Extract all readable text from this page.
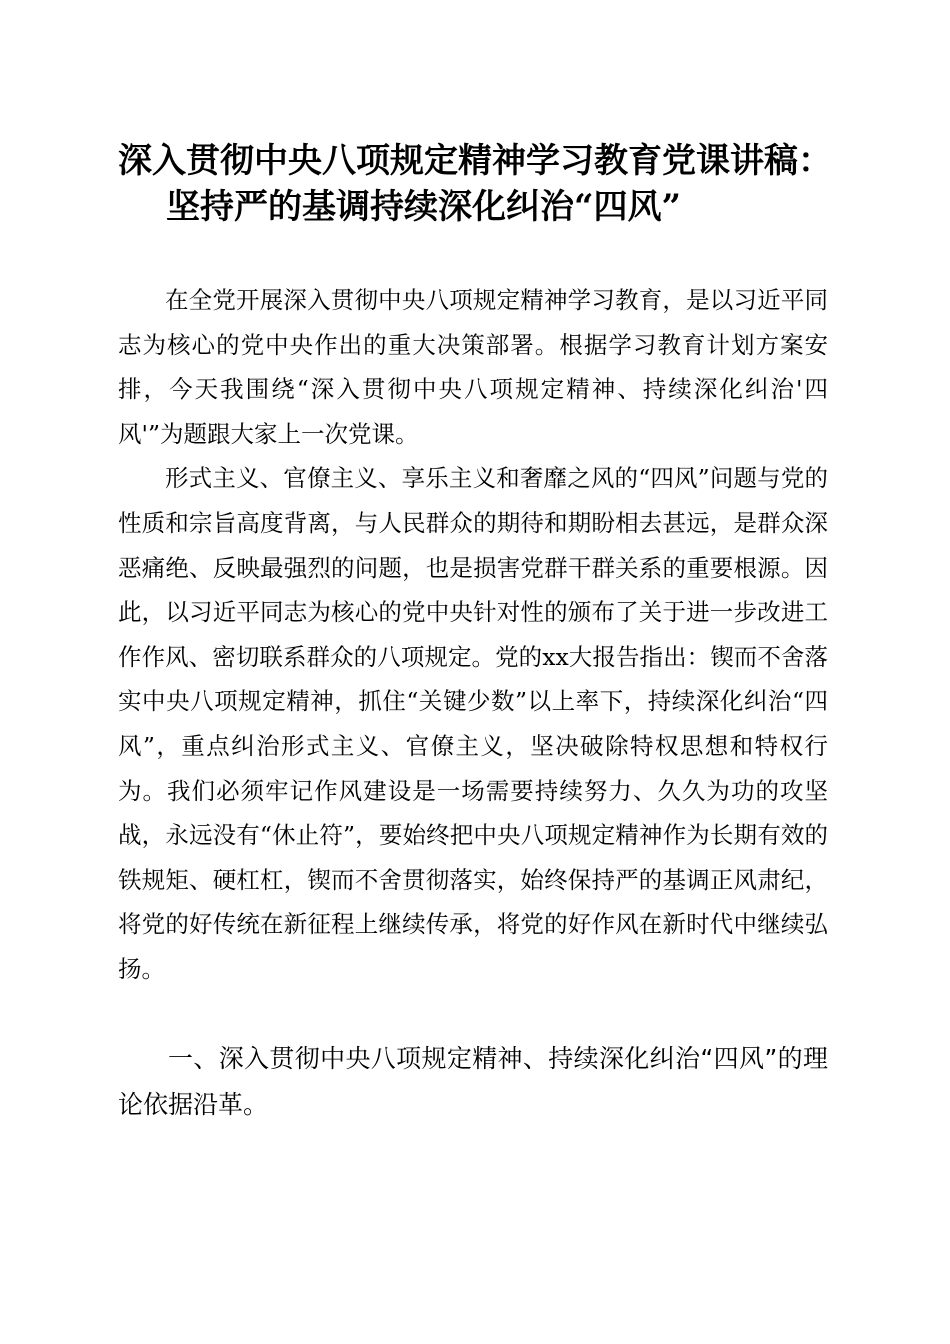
深入贯彻中央八项规定精神学习教育党课讲稿：
坚持严的基调持续深化纠治“四风”

在全党开展深入贯彻中央八项规定精神学习教育，是以习近平同志为核心的党中央作出的重大决策部署。根据学习教育计划方案安排，今天我围绕“深入贯彻中央八项规定精神、持续深化纠治'四风'”为题跟大家上一次党课。

形式主义、官僚主义、享乐主义和奢靡之风的“四风”问题与党的性质和宗旨高度背离，与人民群众的期待和期盼相去甚远，是群众深恶痛绝、反映最强烈的问题，也是损害党群干群关系的重要根源。因此，以习近平同志为核心的党中央针对性的颁布了关于进一步改进工作作风、密切联系群众的八项规定。党的xx大报告指出：锲而不舍落实中央八项规定精神，抓住“关键少数”以上率下，持续深化纠治“四风”，重点纠治形式主义、官僚主义，坚决破除特权思想和特权行为。我们必须牢记作风建设是一场需要持续努力、久久为功的攻坚战，永远没有“休止符”，要始终把中央八项规定精神作为长期有效的铁规矩、硬杠杠，锲而不舍贯彻落实，始终保持严的基调正风肃纪，将党的好传统在新征程上继续传承，将党的好作风在新时代中继续弘扬。

一、深入贯彻中央八项规定精神、持续深化纠治“四风”的理论依据沿革。
